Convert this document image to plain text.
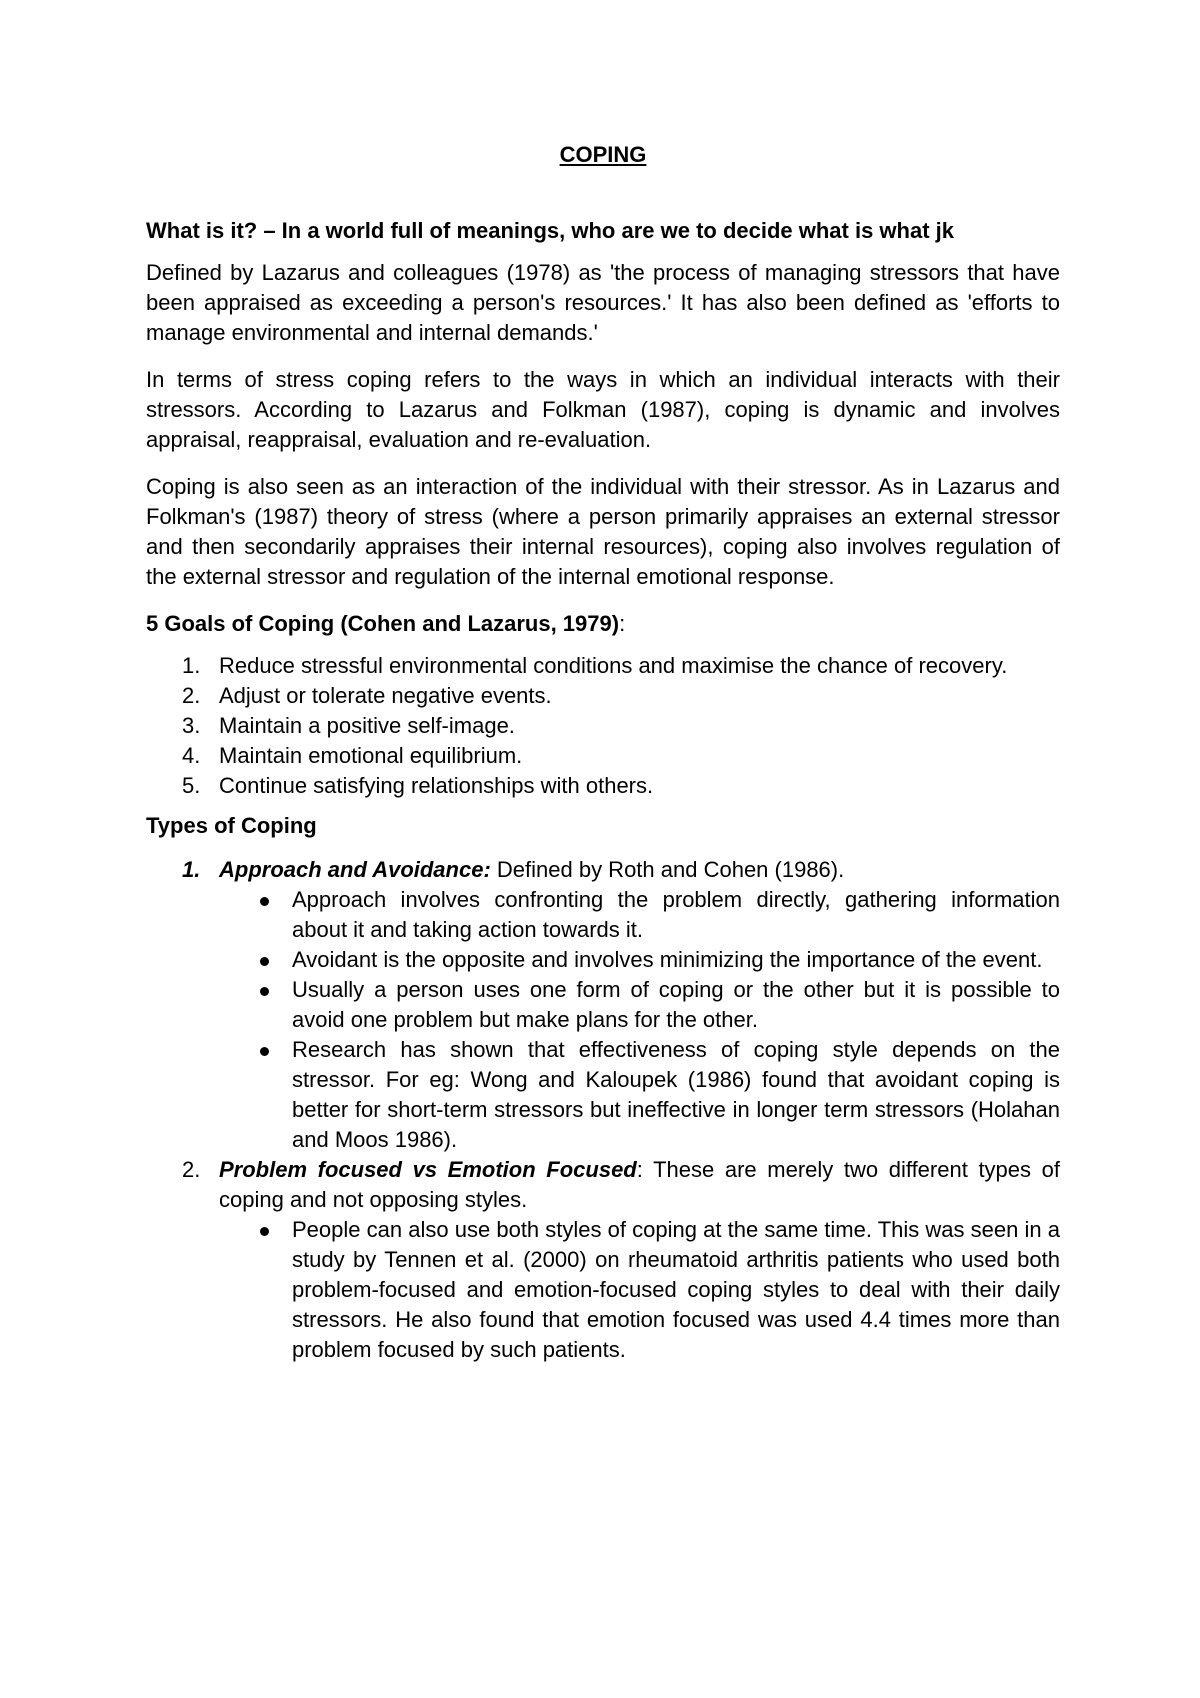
COPING
What is it? – In a world full of meanings, who are we to decide what is what jk

Defined by Lazarus and colleagues (1978) as 'the process of managing stressors that have been appraised as exceeding a person's resources.' It has also been defined as 'efforts to manage environmental and internal demands.'

In terms of stress coping refers to the ways in which an individual interacts with their stressors. According to Lazarus and Folkman (1987), coping is dynamic and involves appraisal, reappraisal, evaluation and re-evaluation.

Coping is also seen as an interaction of the individual with their stressor. As in Lazarus and Folkman's (1987) theory of stress (where a person primarily appraises an external stressor and then secondarily appraises their internal resources), coping also involves regulation of the external stressor and regulation of the internal emotional response.

5 Goals of Coping (Cohen and Lazarus, 1979):
1. Reduce stressful environmental conditions and maximise the chance of recovery.
2. Adjust or tolerate negative events.
3. Maintain a positive self-image.
4. Maintain emotional equilibrium.
5. Continue satisfying relationships with others.
Types of Coping
1. Approach and Avoidance: Defined by Roth and Cohen (1986).
Approach involves confronting the problem directly, gathering information about it and taking action towards it.
Avoidant is the opposite and involves minimizing the importance of the event.
Usually a person uses one form of coping or the other but it is possible to avoid one problem but make plans for the other.
Research has shown that effectiveness of coping style depends on the stressor. For eg: Wong and Kaloupek (1986) found that avoidant coping is better for short-term stressors but ineffective in longer term stressors (Holahan and Moos 1986).
2. Problem focused vs Emotion Focused: These are merely two different types of coping and not opposing styles.
People can also use both styles of coping at the same time. This was seen in a study by Tennen et al. (2000) on rheumatoid arthritis patients who used both problem-focused and emotion-focused coping styles to deal with their daily stressors. He also found that emotion focused was used 4.4 times more than problem focused by such patients.
